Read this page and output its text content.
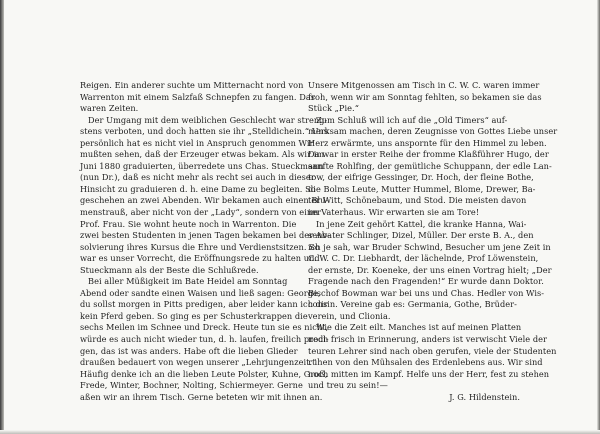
Reigen. Ein anderer suchte um Mitternacht nord von
Warrenton mit einem Salzfaß Schnepfen zu fangen. Das
waren Zeiten.
Der Umgang mit dem weiblichen Geschlecht war streng-
stens verboten, und doch hatten sie ihr „Stelldichein.“ Uns
persönlich hat es nicht viel in Anspruch genommen Wir
mußten sehen, daß der Erzeuger etwas bekam. Als wir im
Juni 1880 graduierten, überredete uns Chas. Stueckmann
(nun Dr.), daß es nicht mehr als recht sei auch in dieser
Hinsicht zu graduieren d. h. eine Dame zu begleiten. So
geschehen an zwei Abenden. Wir bekamen auch einen Blu-
menstrauß, aber nicht von der „Lady“, sondern von einer
Prof. Frau. Sie wohnt heute noch in Warrenton. Die
zwei besten Studenten in jenen Tagen bekamen bei der Ab-
solvierung ihres Kursus die Ehre und Verdienstsitzen. So
war es unser Vorrecht, die Eröffnungsrede zu halten und
Stueckmann als der Beste die Schlußrede.
Bei aller Müßigkeit im Bate Heidel am Sonntag
Abend oder sandte einen Waisen und ließ sagen: George,
du sollst morgen in Pitts predigen, aber leider kann ich dir
kein Pferd geben. So ging es per Schusterkrappen die
sechs Meilen im Schnee und Dreck. Heute tun sie es nicht,
würde es auch nicht wieder tun, d. h. laufen, freilich predi-
gen, das ist was anders. Habe oft die lieben Glieder
draußen bedauert von wegen unserer „Lehrjungenzeit.“
Häufig denke ich an die lieben Leute Polster, Kuhne, Groß,
Frede, Winter, Bochner, Nolting, Schiermeyer. Gerne
aßen wir an ihrem Tisch. Gerne beteten wir mit ihnen an.
Unsere Mitgenossen am Tisch in C. W. C. waren immer
froh, wenn wir am Sonntag fehlten, so bekamen sie das
Stück „Pie.“
Zum Schluß will ich auf die „Old Timers“ auf-
merksam machen, deren Zeugnisse von Gottes Liebe unser
Herz erwärmte, uns anspornte für den Himmel zu leben.
Da war in erster Reihe der fromme Klaßführer Hugo, der
sanfte Rohlfing, der gemütliche Schuppann, der edle Lan-
tow, der eifrige Gessinger, Dr. Hoch, der fleine Bothe,
die Bolms Leute, Mutter Hummel, Blome, Drewer, Ba-
ter Witt, Schönebaum, und Stod. Die meisten davon
im Vaterhaus. Wir erwarten sie am Tore!
In jene Zeit gehört Kattel, die kranke Hanna, Wai-
senvater Schlinger, Dizel, Müller. Der erste B. A., den
ich je sah, war Bruder Schwind, Besucher um jene Zeit in
C. W. C. Dr. Liebhardt, der lächelnde, Prof Löwenstein,
der ernste, Dr. Koenekе, der uns einen Vortrag hielt; „Der
Fragende nach den Fragenden!“ Er wurde dann Doktor.
Bischof Bowman war bei uns und Chas. Hedler von Wis-
consin. Vereine gab es: Germania, Gothe, Brüder-
verein, und Clionia.
Wie die Zeit eilt. Manches ist auf meinen Platten
noch frisch in Erinnerung, anders ist verwischt Viele der
teuren Lehrer sind nach oben gerufen, viele der Studenten
ruhen von den Mühsalen des Erdenlebens aus. Wir sind
noch mitten im Kampf. Helfe uns der Herr, fest zu stehen
und treu zu sein!—
J. G. Hildenstein.
